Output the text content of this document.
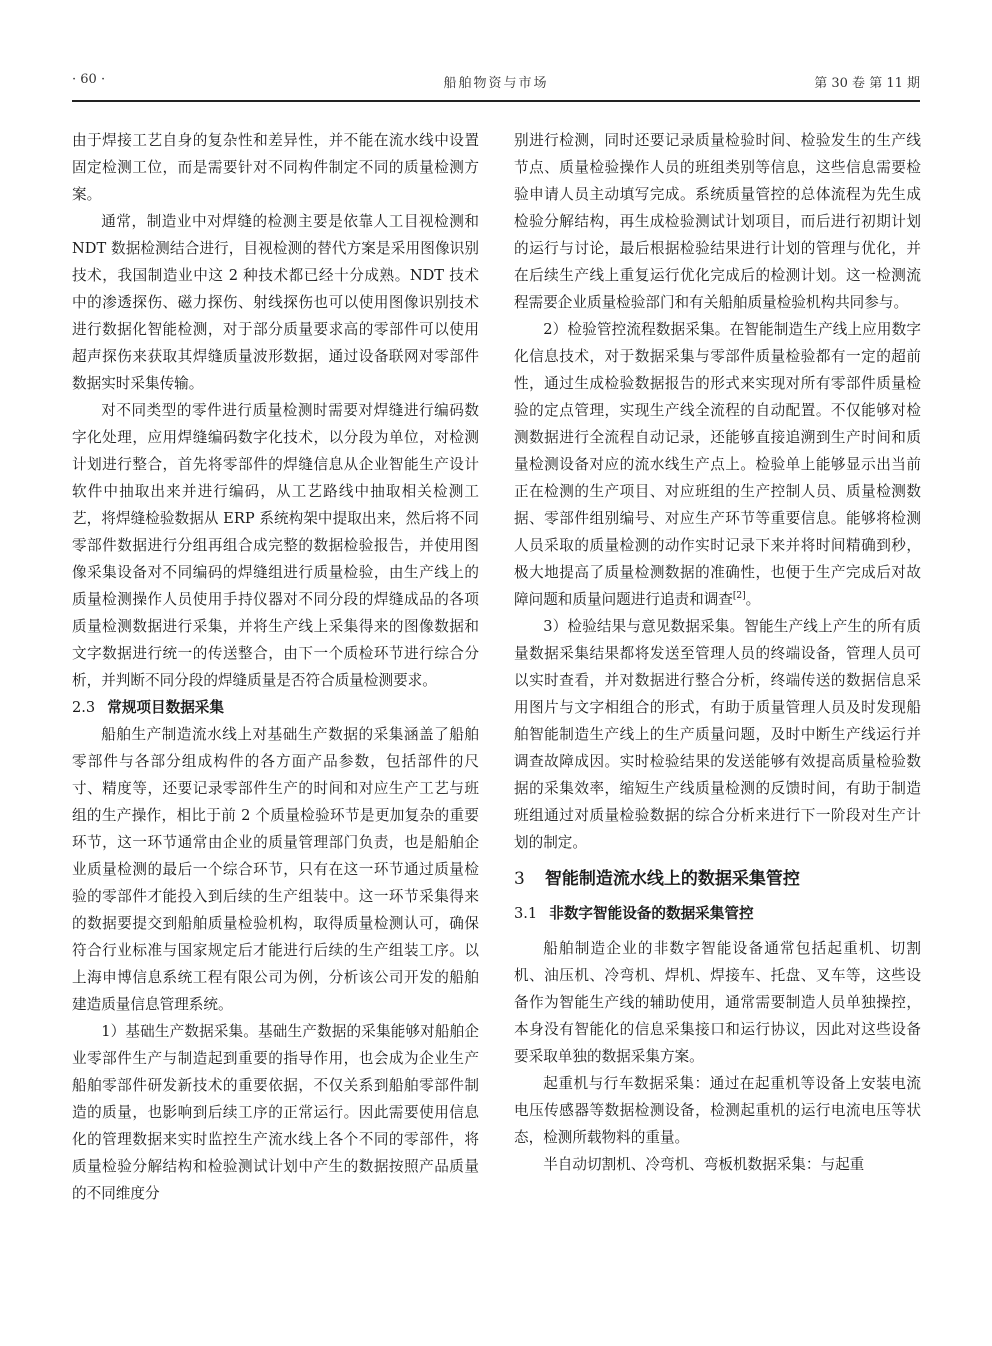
· 60 ·	船舶物资与市场	第 30 卷 第 11 期

由于焊接工艺自身的复杂性和差异性，并不能在流水线中设置固定检测工位，而是需要针对不同构件制定不同的质量检测方案。

通常，制造业中对焊缝的检测主要是依靠人工目视检测和 NDT 数据检测结合进行，目视检测的替代方案是采用图像识别技术，我国制造业中这 2 种技术都已经十分成熟。NDT 技术中的渗透探伤、磁力探伤、射线探伤也可以使用图像识别技术进行数据化智能检测，对于部分质量要求高的零部件可以使用超声探伤来获取其焊缝质量波形数据，通过设备联网对零部件数据实时采集传输。

对不同类型的零件进行质量检测时需要对焊缝进行编码数字化处理，应用焊缝编码数字化技术，以分段为单位，对检测计划进行整合，首先将零部件的焊缝信息从企业智能生产设计软件中抽取出来并进行编码，从工艺路线中抽取相关检测工艺，将焊缝检验数据从 ERP 系统构架中提取出来，然后将不同零部件数据进行分组再组合成完整的数据检验报告，并使用图像采集设备对不同编码的焊缝组进行质量检验，由生产线上的质量检测操作人员使用手持仪器对不同分段的焊缝成品的各项质量检测数据进行采集，并将生产线上采集得来的图像数据和文字数据进行统一的传送整合，由下一个质检环节进行综合分析，并判断不同分段的焊缝质量是否符合质量检测要求。

2.3 常规项目数据采集

船舶生产制造流水线上对基础生产数据的采集涵盖了船舶零部件与各部分组成构件的各方面产品参数，包括部件的尺寸、精度等，还要记录零部件生产的时间和对应生产工艺与班组的生产操作，相比于前 2 个质量检验环节是更加复杂的重要环节，这一环节通常由企业的质量管理部门负责，也是船舶企业质量检测的最后一个综合环节，只有在这一环节通过质量检验的零部件才能投入到后续的生产组装中。这一环节采集得来的数据要提交到船舶质量检验机构，取得质量检测认可，确保符合行业标准与国家规定后才能进行后续的生产组装工序。以上海申博信息系统工程有限公司为例，分析该公司开发的船舶建造质量信息管理系统。

1）基础生产数据采集。基础生产数据的采集能够对船舶企业零部件生产与制造起到重要的指导作用，也会成为企业生产船舶零部件研发新技术的重要依据，不仅关系到船舶零部件制造的质量，也影响到后续工序的正常运行。因此需要使用信息化的管理数据来实时监控生产流水线上各个不同的零部件，将质量检验分解结构和检验测试计划中产生的数据按照产品质量的不同维度分

别进行检测，同时还要记录质量检验时间、检验发生的生产线节点、质量检验操作人员的班组类别等信息，这些信息需要检验申请人员主动填写完成。系统质量管控的总体流程为先生成检验分解结构，再生成检验测试计划项目，而后进行初期计划的运行与讨论，最后根据检验结果进行计划的管理与优化，并在后续生产线上重复运行优化完成后的检测计划。这一检测流程需要企业质量检验部门和有关船舶质量检验机构共同参与。

2）检验管控流程数据采集。在智能制造生产线上应用数字化信息技术，对于数据采集与零部件质量检验都有一定的超前性，通过生成检验数据报告的形式来实现对所有零部件质量检验的定点管理，实现生产线全流程的自动配置。不仅能够对检测数据进行全流程自动记录，还能够直接追溯到生产时间和质量检测设备对应的流水线生产点上。检验单上能够显示出当前正在检测的生产项目、对应班组的生产控制人员、质量检测数据、零部件组别编号、对应生产环节等重要信息。能够将检测人员采取的质量检测的动作实时记录下来并将时间精确到秒，极大地提高了质量检测数据的准确性，也便于生产完成后对故障问题和质量问题进行追责和调查[2]。

3）检验结果与意见数据采集。智能生产线上产生的所有质量数据采集结果都将发送至管理人员的终端设备，管理人员可以实时查看，并对数据进行整合分析，终端传送的数据信息采用图片与文字相组合的形式，有助于质量管理人员及时发现船舶智能制造生产线上的生产质量问题，及时中断生产线运行并调查故障成因。实时检验结果的发送能够有效提高质量检验数据的采集效率，缩短生产线质量检测的反馈时间，有助于制造班组通过对质量检验数据的综合分析来进行下一阶段对生产计划的制定。

3 智能制造流水线上的数据采集管控
3.1 非数字智能设备的数据采集管控

船舶制造企业的非数字智能设备通常包括起重机、切割机、油压机、冷弯机、焊机、焊接车、托盘、叉车等，这些设备作为智能生产线的辅助使用，通常需要制造人员单独操控，本身没有智能化的信息采集接口和运行协议，因此对这些设备要采取单独的数据采集方案。

起重机与行车数据采集：通过在起重机等设备上安装电流电压传感器等数据检测设备，检测起重机的运行电流电压等状态，检测所载物料的重量。

半自动切割机、冷弯机、弯板机数据采集：与起重
